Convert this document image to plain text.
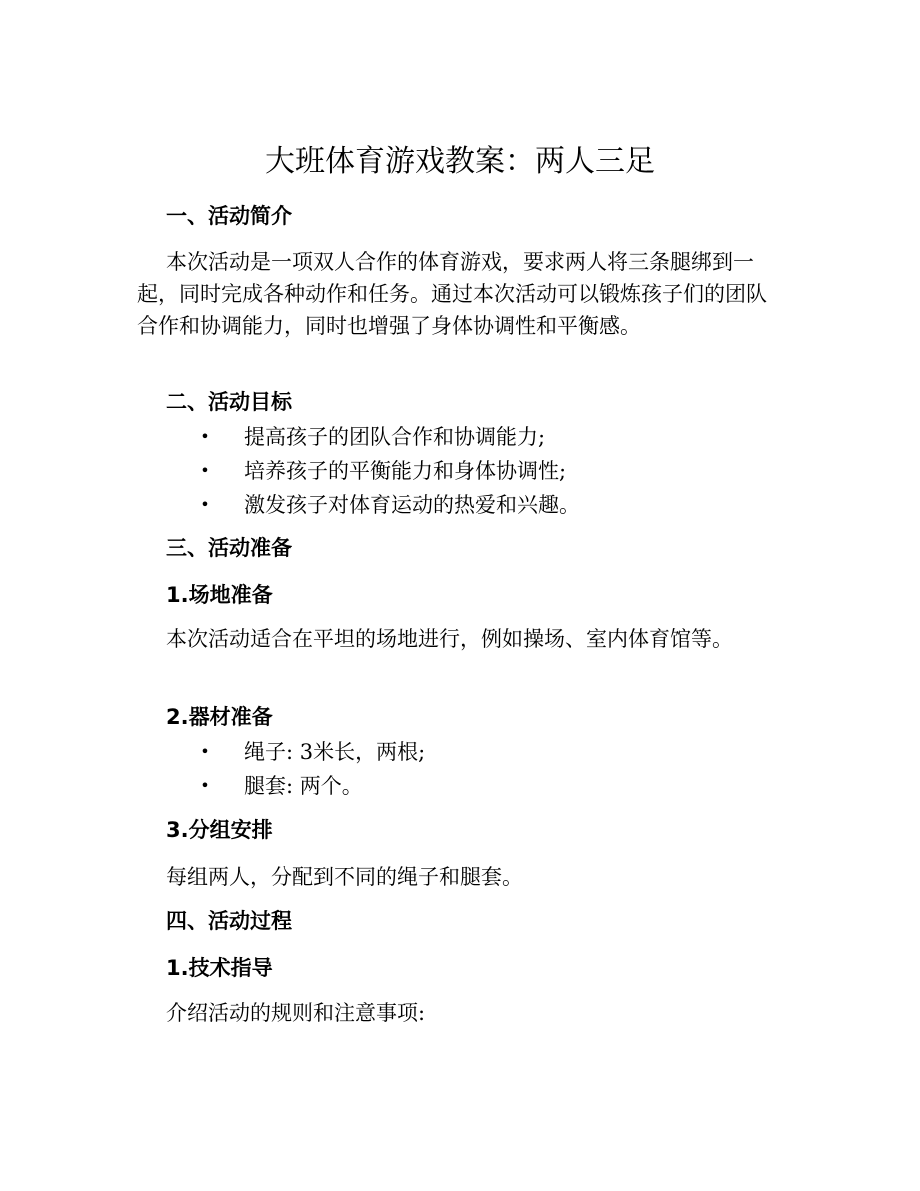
大班体育游戏教案：两人三足
一、活动简介

本次活动是一项双人合作的体育游戏，要求两人将三条腿绑到一起，同时完成各种动作和任务。通过本次活动可以锻炼孩子们的团队合作和协调能力，同时也增强了身体协调性和平衡感。

二、活动目标
• 提高孩子的团队合作和协调能力;
• 培养孩子的平衡能力和身体协调性;
• 激发孩子对体育运动的热爱和兴趣。
三、活动准备
1.场地准备

本次活动适合在平坦的场地进行，例如操场、室内体育馆等。

2.器材准备
• 绳子: 3米长，两根;
• 腿套: 两个。
3.分组安排

每组两人，分配到不同的绳子和腿套。

四、活动过程
1.技术指导

介绍活动的规则和注意事项:
